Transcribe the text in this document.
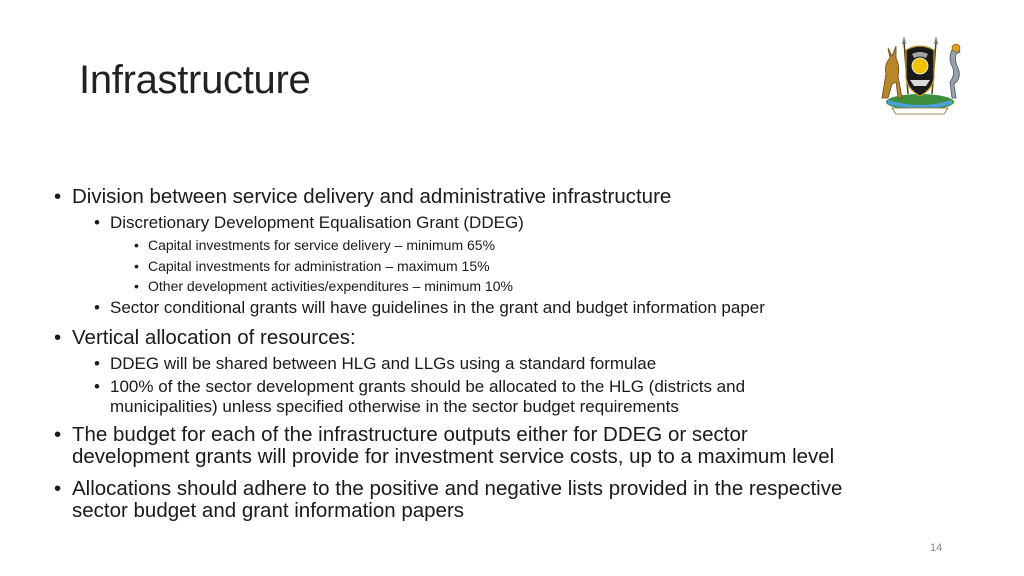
Infrastructure
• Division between service delivery and administrative infrastructure
• Discretionary Development Equalisation Grant (DDEG)
• Capital investments for service delivery – minimum 65%
• Capital investments for administration – maximum 15%
• Other development activities/expenditures – minimum 10%
• Sector conditional grants will have guidelines in the grant and budget information paper
• Vertical allocation of resources:
• DDEG will be shared between HLG and LLGs using a standard formulae
• 100% of the sector development grants should be allocated to the HLG (districts and
municipalities) unless specified otherwise in the sector budget requirements
• The budget for each of the infrastructure outputs either for DDEG or sector
development grants will provide for investment service costs, up to a maximum level
• Allocations should adhere to the positive and negative lists provided in the respective
sector budget and grant information papers
14
